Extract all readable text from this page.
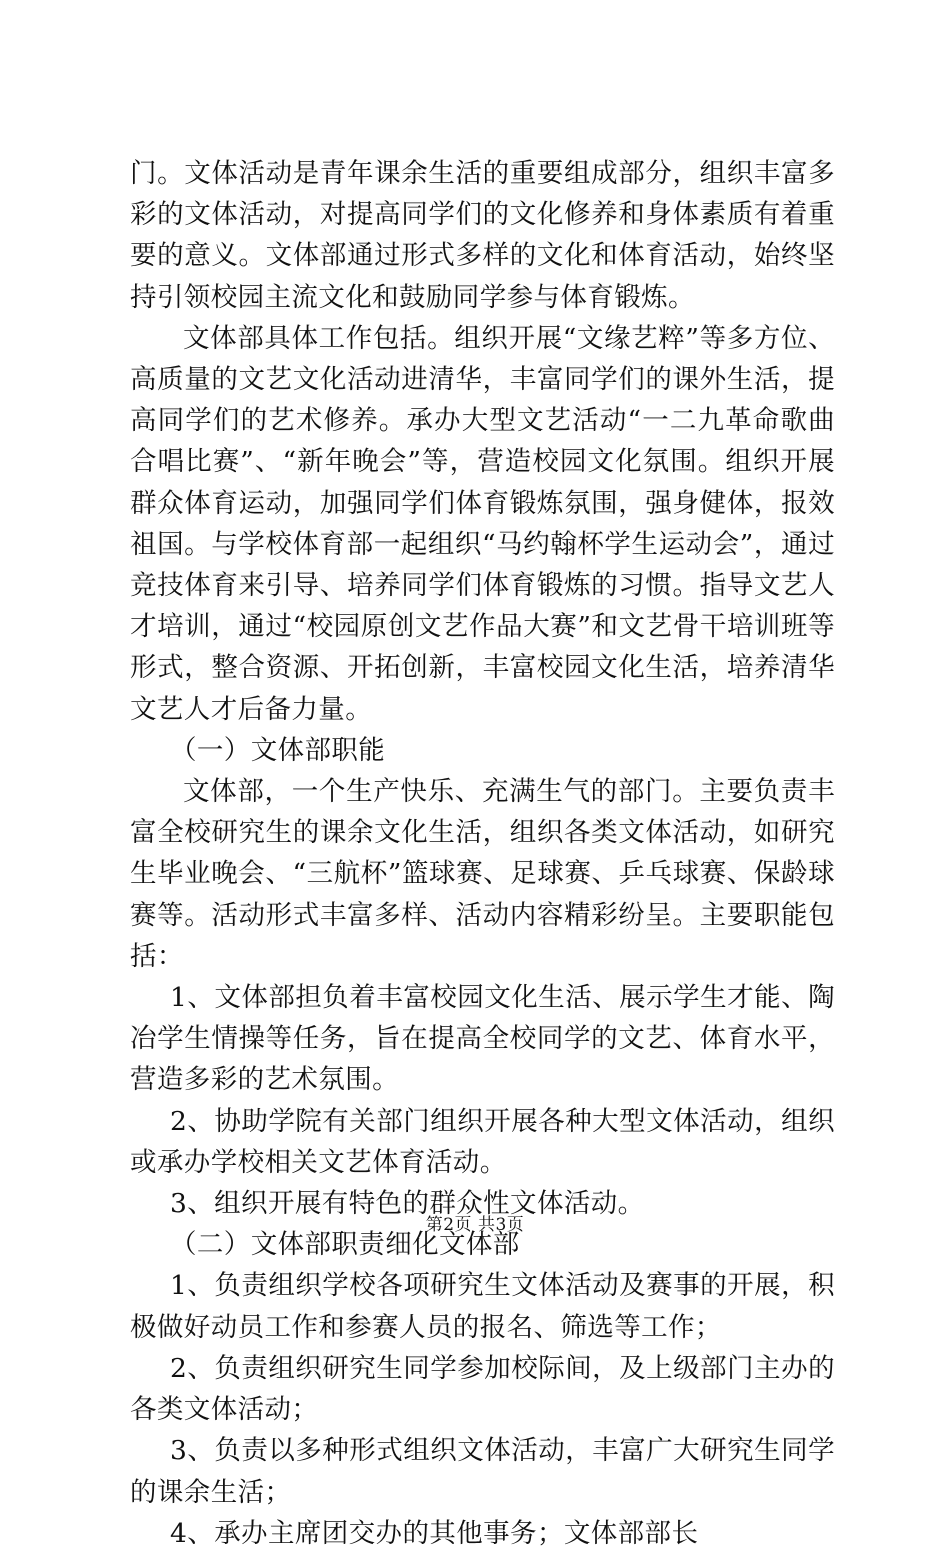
门。文体活动是青年课余生活的重要组成部分，组织丰富多彩的文体活动，对提高同学们的文化修养和身体素质有着重要的意义。文体部通过形式多样的文化和体育活动，始终坚持引领校园主流文化和鼓励同学参与体育锻炼。

文体部具体工作包括。组织开展“文缘艺粹”等多方位、高质量的文艺文化活动进清华，丰富同学们的课外生活，提高同学们的艺术修养。承办大型文艺活动“一二九革命歌曲合唱比赛”、“新年晚会”等，营造校园文化氛围。组织开展群众体育运动，加强同学们体育锻炼氛围，强身健体，报效祖国。与学校体育部一起组织“马约翰杯学生运动会”，通过竞技体育来引导、培养同学们体育锻炼的习惯。指导文艺人才培训，通过“校园原创文艺作品大赛”和文艺骨干培训班等形式，整合资源、开拓创新，丰富校园文化生活，培养清华文艺人才后备力量。

（一）文体部职能

文体部，一个生产快乐、充满生气的部门。主要负责丰富全校研究生的课余文化生活，组织各类文体活动，如研究生毕业晚会、“三航杯”篮球赛、足球赛、乒乓球赛、保龄球赛等。活动形式丰富多样、活动内容精彩纷呈。主要职能包括：

1、文体部担负着丰富校园文化生活、展示学生才能、陶冶学生情操等任务，旨在提高全校同学的文艺、体育水平，营造多彩的艺术氛围。

2、协助学院有关部门组织开展各种大型文体活动，组织或承办学校相关文艺体育活动。

3、组织开展有特色的群众性文体活动。

（二）文体部职责细化文体部

1、负责组织学校各项研究生文体活动及赛事的开展，积极做好动员工作和参赛人员的报名、筛选等工作；

2、负责组织研究生同学参加校际间，及上级部门主办的各类文体活动；

3、负责以多种形式组织文体活动，丰富广大研究生同学的课余生活；

4、承办主席团交办的其他事务；文体部部长

第2页 共3页
